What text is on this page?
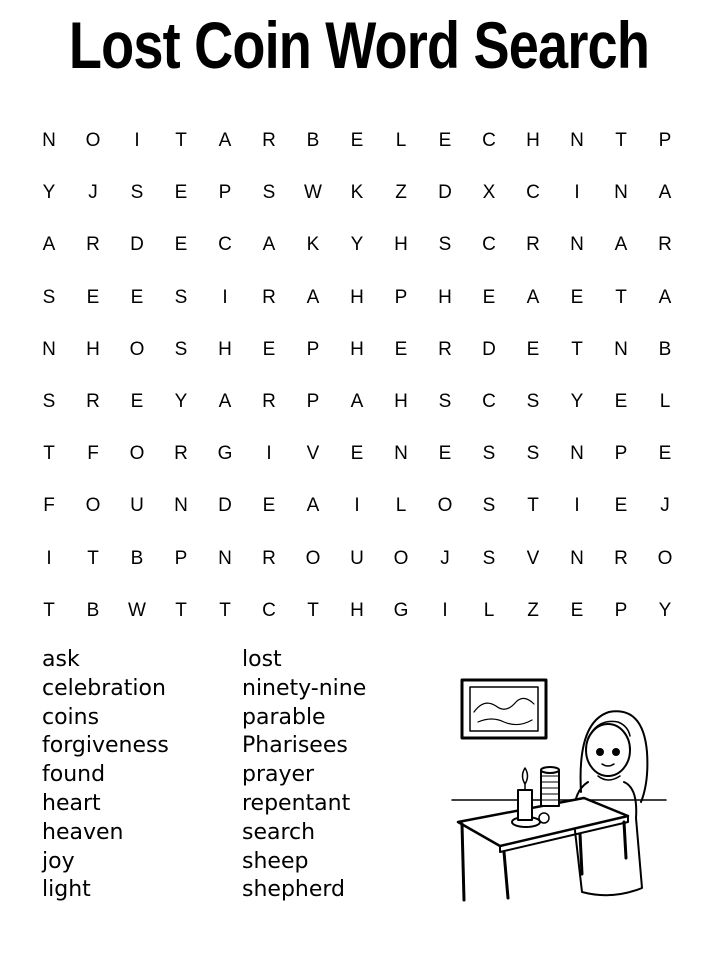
Lost Coin Word Search
N	O	I	T	A	R	B	E	L	E	C	H	N	T	P
Y	J	S	E	P	S	W	K	Z	D	X	C	I	N	A
A	R	D	E	C	A	K	Y	H	S	C	R	N	A	R
S	E	E	S	I	R	A	H	P	H	E	A	E	T	A
N	H	O	S	H	E	P	H	E	R	D	E	T	N	B
S	R	E	Y	A	R	P	A	H	S	C	S	Y	E	L
T	F	O	R	G	I	V	E	N	E	S	S	N	P	E
F	O	U	N	D	E	A	I	L	O	S	T	I	E	J
I	T	B	P	N	R	O	U	O	J	S	V	N	R	O
T	B	W	T	T	C	T	H	G	I	L	Z	E	P	Y
ask
celebration
coins
forgiveness
found
heart
heaven
joy
light
lost
ninety-nine
parable
Pharisees
prayer
repentant
search
sheep
shepherd
